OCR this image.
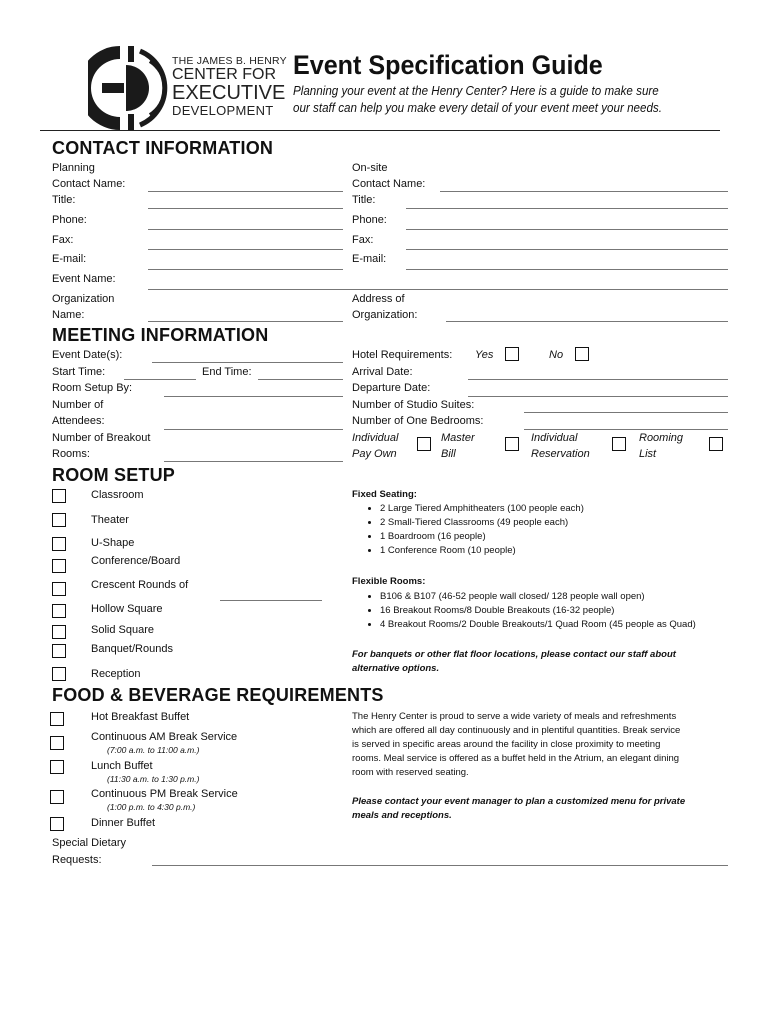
THE JAMES B. HENRY
CENTER FOR
EXECUTIVE
DEVELOPMENT
Event Specification Guide
Planning your event at the Henry Center? Here is a guide to make sure
our staff can help you make every detail of your event meet your needs.
CONTACT INFORMATION
Planning
Contact Name:
Title:
Phone:
Fax:
E-mail:
Event Name:
Organization
Name:
On-site
Contact Name:
Title:
Phone:
Fax:
E-mail:
Address of
Organization:
MEETING INFORMATION
Event Date(s):
Start Time:	End Time:
Room Setup By:
Number of
Attendees:
Number of Breakout
Rooms:
Hotel Requirements: Yes	No
Arrival Date:
Departure Date:
Number of Studio Suites:
Number of One Bedrooms:
Individual
Pay Own
Master
Bill
Individual
Reservation
Rooming
List
ROOM SETUP
Classroom
Theater
U-Shape
Conference/Board
Crescent Rounds of
Hollow Square
Solid Square
Banquet/Rounds
Reception
Fixed Seating:
• 2 Large Tiered Amphitheaters (100 people each)
• 2 Small-Tiered Classrooms (49 people each)
• 1 Boardroom (16 people)
• 1 Conference Room (10 people)
Flexible Rooms:
• B106 & B107 (46-52 people wall closed/ 128 people wall open)
• 16 Breakout Rooms/8 Double Breakouts (16-32 people)
• 4 Breakout Rooms/2 Double Breakouts/1 Quad Room (45 people as Quad)
For banquets or other flat floor locations, please contact our staff about
alternative options.
FOOD & BEVERAGE REQUIREMENTS
Hot Breakfast Buffet
Continuous AM Break Service
(7:00 a.m. to 11:00 a.m.)
Lunch Buffet
(11:30 a.m. to 1:30 p.m.)
Continuous PM Break Service
(1:00 p.m. to 4:30 p.m.)
Dinner Buffet
Special Dietary
Requests:
The Henry Center is proud to serve a wide variety of meals and refreshments
which are offered all day continuously and in plentiful quantities. Break service
is served in specific areas around the facility in close proximity to meeting
rooms. Meal service is offered as a buffet held in the Atrium, an elegant dining
room with reserved seating.
Please contact your event manager to plan a customized menu for private
meals and receptions.
